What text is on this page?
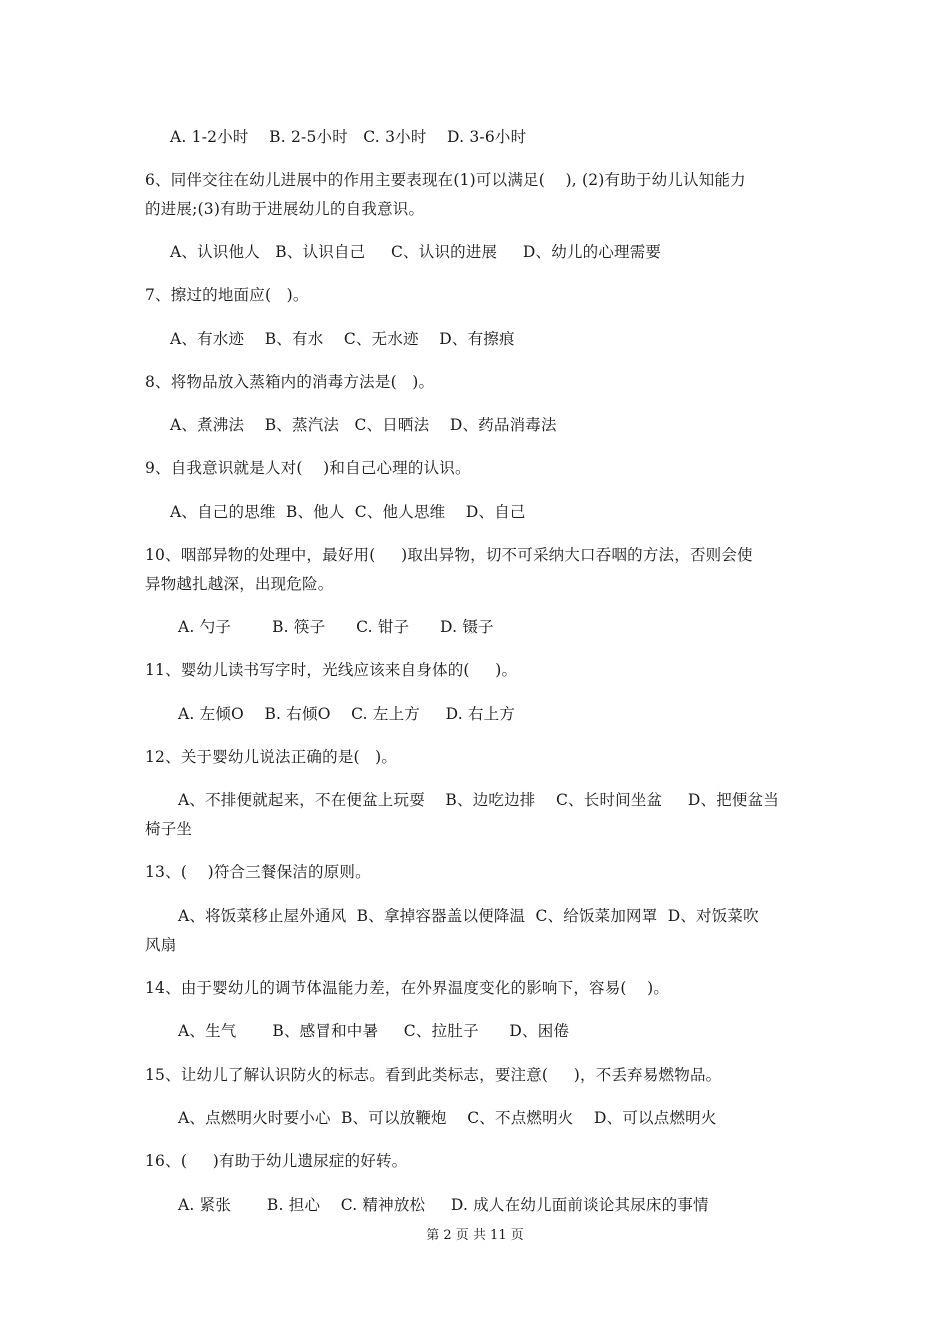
A. 1-2小时    B. 2-5小时   C. 3小时    D. 3-6小时
6、同伴交往在幼儿进展中的作用主要表现在(1)可以满足(    ), (2)有助于幼儿认知能力
的进展;(3)有助于进展幼儿的自我意识。
A、认识他人   B、认识自己     C、认识的进展     D、幼儿的心理需要
7、擦过的地面应(   )。
A、有水迹    B、有水    C、无水迹    D、有擦痕
8、将物品放入蒸箱内的消毒方法是(   )。
A、煮沸法    B、蒸汽法   C、日晒法    D、药品消毒法
9、自我意识就是人对(    )和自己心理的认识。
A、自己的思维  B、他人  C、他人思维    D、自己
10、咽部异物的处理中，最好用(     )取出异物，切不可采纳大口吞咽的方法，否则会使
异物越扎越深，出现危险。
A. 勺子        B. 筷子      C. 钳子      D. 镊子
11、婴幼儿读书写字时，光线应该来自身体的(     )。
A. 左倾O    B. 右倾O    C. 左上方     D. 右上方
12、关于婴幼儿说法正确的是(   )。
A、不排便就起来，不在便盆上玩耍    B、边吃边排    C、长时间坐盆     D、把便盆当
椅子坐
13、(    )符合三餐保洁的原则。
A、将饭菜移止屋外通风  B、拿掉容器盖以便降温  C、给饭菜加网罩  D、对饭菜吹
风扇
14、由于婴幼儿的调节体温能力差，在外界温度变化的影响下，容易(    )。
A、生气       B、感冒和中暑     C、拉肚子      D、困倦
15、让幼儿了解认识防火的标志。看到此类标志，要注意(     )，不丢弃易燃物品。
A、点燃明火时要小心  B、可以放鞭炮    C、不点燃明火    D、可以点燃明火
16、(     )有助于幼儿遗尿症的好转。
A. 紧张       B. 担心    C. 精神放松     D. 成人在幼儿面前谈论其尿床的事情
第 2 页 共 11 页
